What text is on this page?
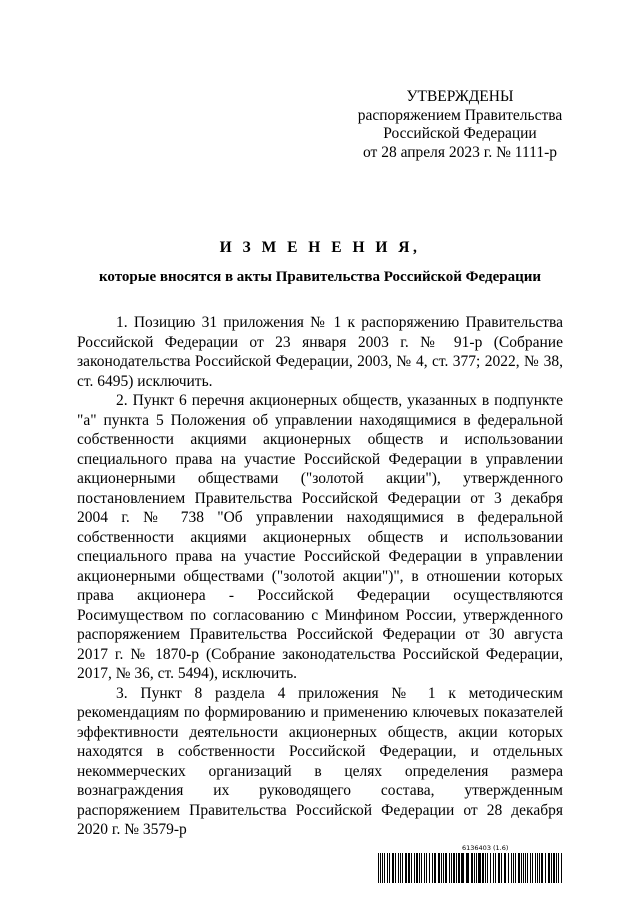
УТВЕРЖДЕНЫ
распоряжением Правительства
Российской Федерации
от 28 апреля 2023 г. № 1111-р
И З М Е Н Е Н И Я,
которые вносятся в акты Правительства Российской Федерации

1. Позицию 31 приложения № 1 к распоряжению Правительства Российской Федерации от 23 января 2003 г. № 91-р (Собрание законодательства Российской Федерации, 2003, № 4, ст. 377; 2022, № 38, ст. 6495) исключить.

2. Пункт 6 перечня акционерных обществ, указанных в подпункте "а" пункта 5 Положения об управлении находящимися в федеральной собственности акциями акционерных обществ и использовании специального права на участие Российской Федерации в управлении акционерными обществами ("золотой акции"), утвержденного постановлением Правительства Российской Федерации от 3 декабря 2004 г. № 738 "Об управлении находящимися в федеральной собственности акциями акционерных обществ и использовании специального права на участие Российской Федерации в управлении акционерными обществами ("золотой акции")", в отношении которых права акционера - Российской Федерации осуществляются Росимуществом по согласованию с Минфином России, утвержденного распоряжением Правительства Российской Федерации от 30 августа 2017 г. № 1870-р (Собрание законодательства Российской Федерации, 2017, № 36, ст. 5494), исключить.

3. Пункт 8 раздела 4 приложения № 1 к методическим рекомендациям по формированию и применению ключевых показателей эффективности деятельности акционерных обществ, акции которых находятся в собственности Российской Федерации, и отдельных некоммерческих организаций в целях определения размера вознаграждения их руководящего состава, утвержденным распоряжением Правительства Российской Федерации от 28 декабря 2020 г. № 3579-р

6136403 (1.6)
